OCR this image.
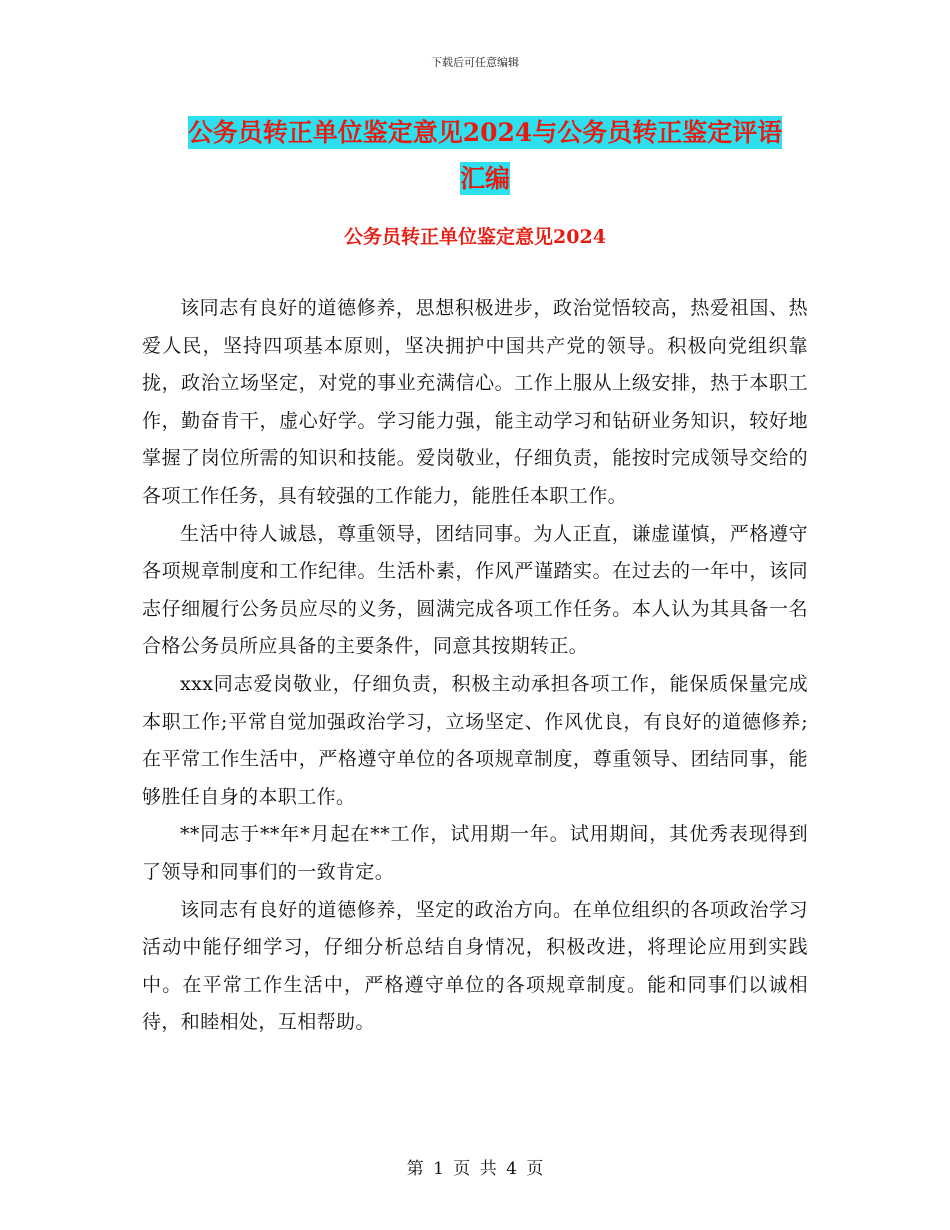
下载后可任意编辑
公务员转正单位鉴定意见2024与公务员转正鉴定评语
汇编
公务员转正单位鉴定意见2024

该同志有良好的道德修养，思想积极进步，政治觉悟较高，热爱祖国、热爱人民，坚持四项基本原则，坚决拥护中国共产党的领导。积极向党组织靠拢，政治立场坚定，对党的事业充满信心。工作上服从上级安排，热于本职工作，勤奋肯干，虚心好学。学习能力强，能主动学习和钻研业务知识，较好地掌握了岗位所需的知识和技能。爱岗敬业，仔细负责，能按时完成领导交给的各项工作任务，具有较强的工作能力，能胜任本职工作。

生活中待人诚恳，尊重领导，团结同事。为人正直，谦虚谨慎，严格遵守各项规章制度和工作纪律。生活朴素，作风严谨踏实。在过去的一年中，该同志仔细履行公务员应尽的义务，圆满完成各项工作任务。本人认为其具备一名合格公务员所应具备的主要条件，同意其按期转正。

xxx同志爱岗敬业，仔细负责，积极主动承担各项工作，能保质保量完成本职工作;平常自觉加强政治学习，立场坚定、作风优良，有良好的道德修养;在平常工作生活中，严格遵守单位的各项规章制度，尊重领导、团结同事，能够胜任自身的本职工作。

**同志于**年*月起在**工作，试用期一年。试用期间，其优秀表现得到了领导和同事们的一致肯定。

该同志有良好的道德修养，坚定的政治方向。在单位组织的各项政治学习活动中能仔细学习，仔细分析总结自身情况，积极改进，将理论应用到实践中。在平常工作生活中，严格遵守单位的各项规章制度。能和同事们以诚相待，和睦相处，互相帮助。

第 1 页 共 4 页
